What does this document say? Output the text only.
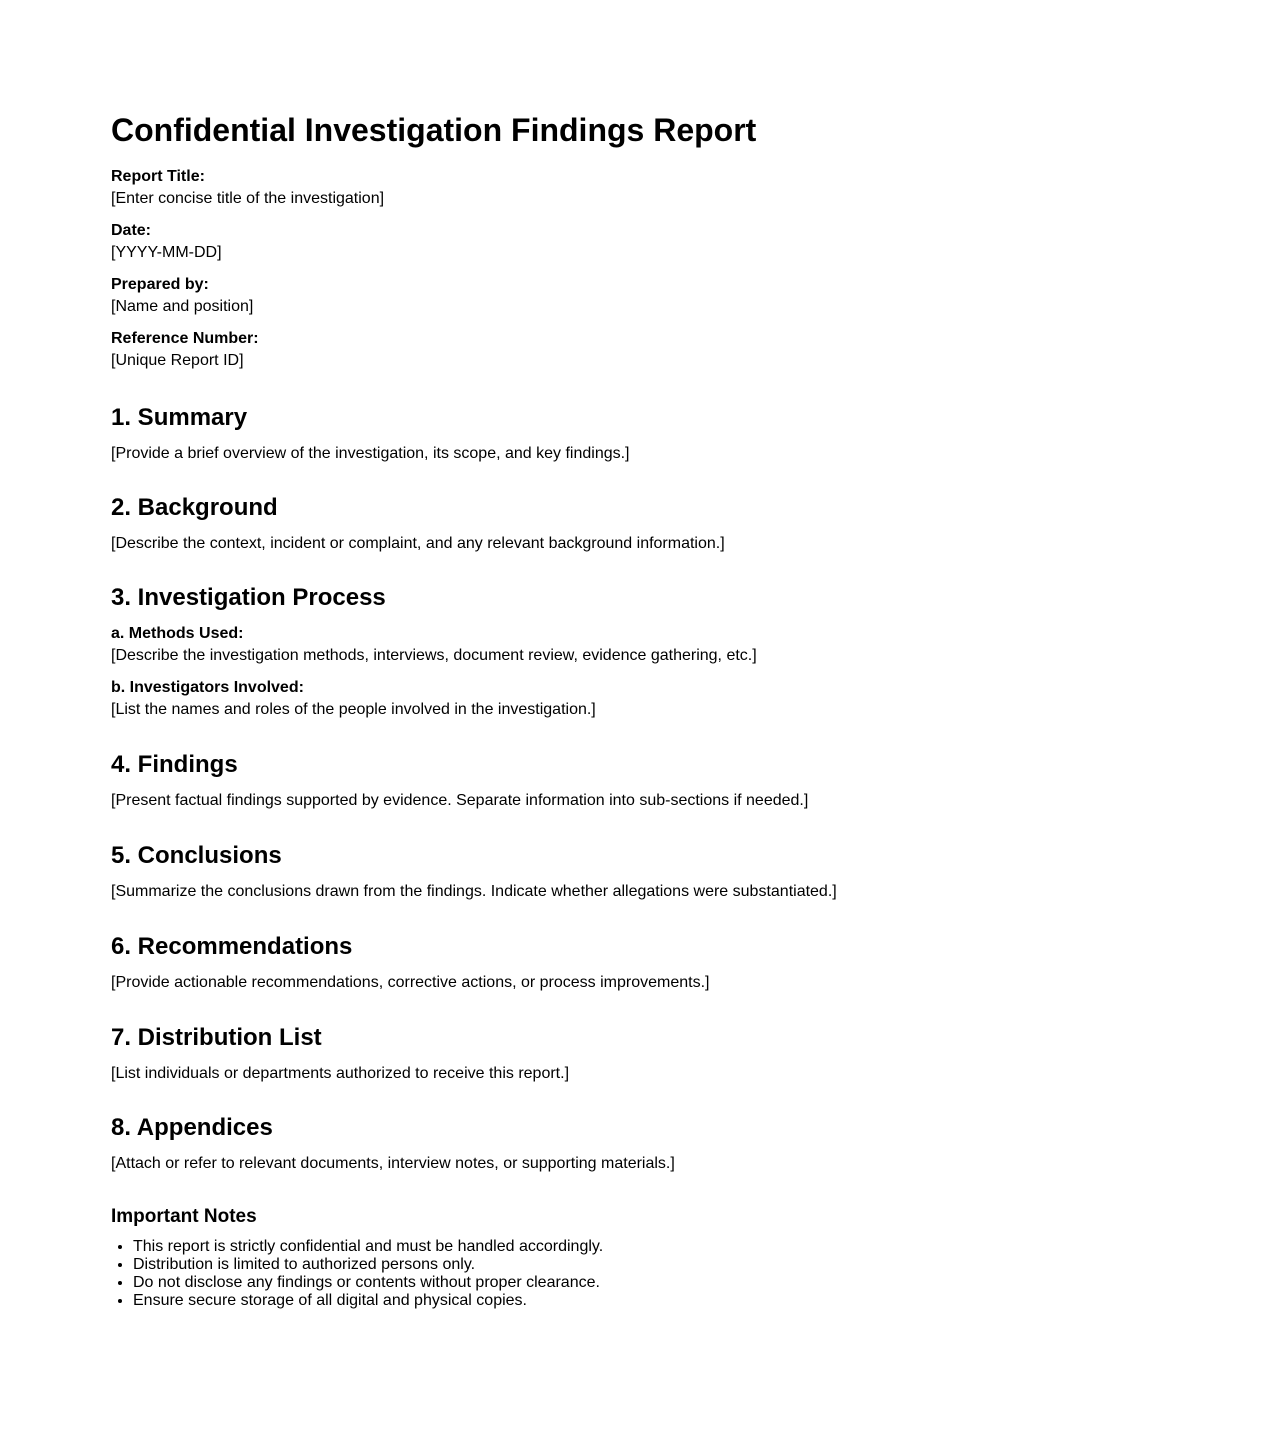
Confidential Investigation Findings Report
Report Title:
[Enter concise title of the investigation]
Date:
[YYYY-MM-DD]
Prepared by:
[Name and position]
Reference Number:
[Unique Report ID]
1. Summary

[Provide a brief overview of the investigation, its scope, and key findings.]

2. Background

[Describe the context, incident or complaint, and any relevant background information.]

3. Investigation Process
a. Methods Used:
[Describe the investigation methods, interviews, document review, evidence gathering, etc.]
b. Investigators Involved:
[List the names and roles of the people involved in the investigation.]
4. Findings

[Present factual findings supported by evidence. Separate information into sub-sections if needed.]

5. Conclusions

[Summarize the conclusions drawn from the findings. Indicate whether allegations were substantiated.]

6. Recommendations

[Provide actionable recommendations, corrective actions, or process improvements.]

7. Distribution List

[List individuals or departments authorized to receive this report.]

8. Appendices

[Attach or refer to relevant documents, interview notes, or supporting materials.]

Important Notes
• This report is strictly confidential and must be handled accordingly.
• Distribution is limited to authorized persons only.
• Do not disclose any findings or contents without proper clearance.
• Ensure secure storage of all digital and physical copies.
